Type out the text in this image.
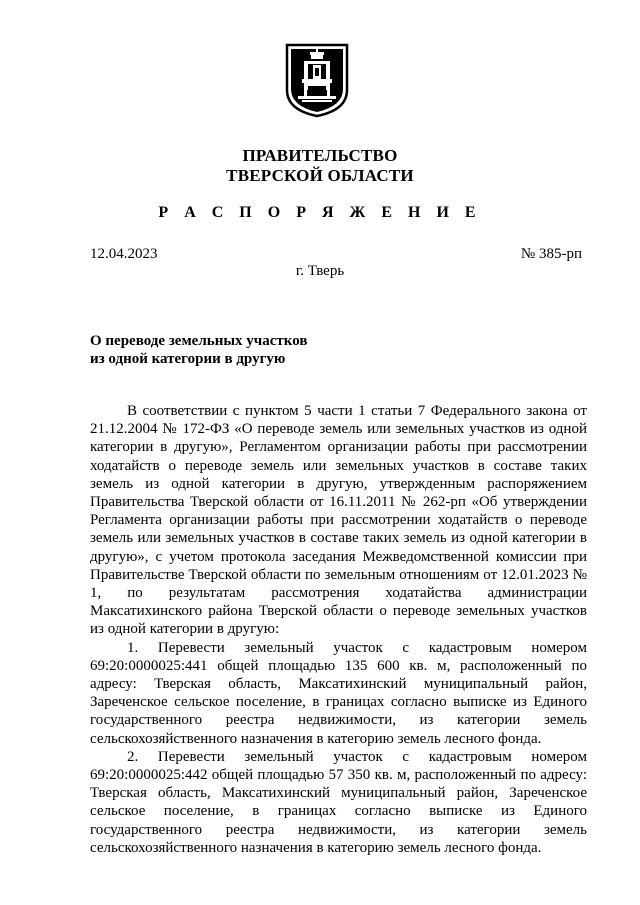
ПРАВИТЕЛЬСТВО
ТВЕРСКОЙ ОБЛАСТИ
Р А С П О Р Я Ж Е Н И Е
12.04.2023	№ 385-рп
г. Тверь
О переводе земельных участков
из одной категории в другую

В соответствии с пунктом 5 части 1 статьи 7 Федерального закона от 21.12.2004 № 172-ФЗ «О переводе земель или земельных участков из одной категории в другую», Регламентом организации работы при рассмотрении ходатайств о переводе земель или земельных участков в составе таких земель из одной категории в другую, утвержденным распоряжением Правительства Тверской области от 16.11.2011 № 262-рп «Об утверждении Регламента организации работы при рассмотрении ходатайств о переводе земель или земельных участков в составе таких земель из одной категории в другую», с учетом протокола заседания Межведомственной комиссии при Правительстве Тверской области по земельным отношениям от 12.01.2023 № 1, по результатам рассмотрения ходатайства администрации Максатихинского района Тверской области о переводе земельных участков из одной категории в другую:

1. Перевести земельный участок с кадастровым номером 69:20:0000025:441 общей площадью 135 600 кв. м, расположенный по адресу: Тверская область, Максатихинский муниципальный район, Зареченское сельское поселение, в границах согласно выписке из Единого государственного реестра недвижимости, из категории земель сельскохозяйственного назначения в категорию земель лесного фонда.

2. Перевести земельный участок с кадастровым номером 69:20:0000025:442 общей площадью 57 350 кв. м, расположенный по адресу: Тверская область, Максатихинский муниципальный район, Зареченское сельское поселение, в границах согласно выписке из Единого государственного реестра недвижимости, из категории земель сельскохозяйственного назначения в категорию земель лесного фонда.
